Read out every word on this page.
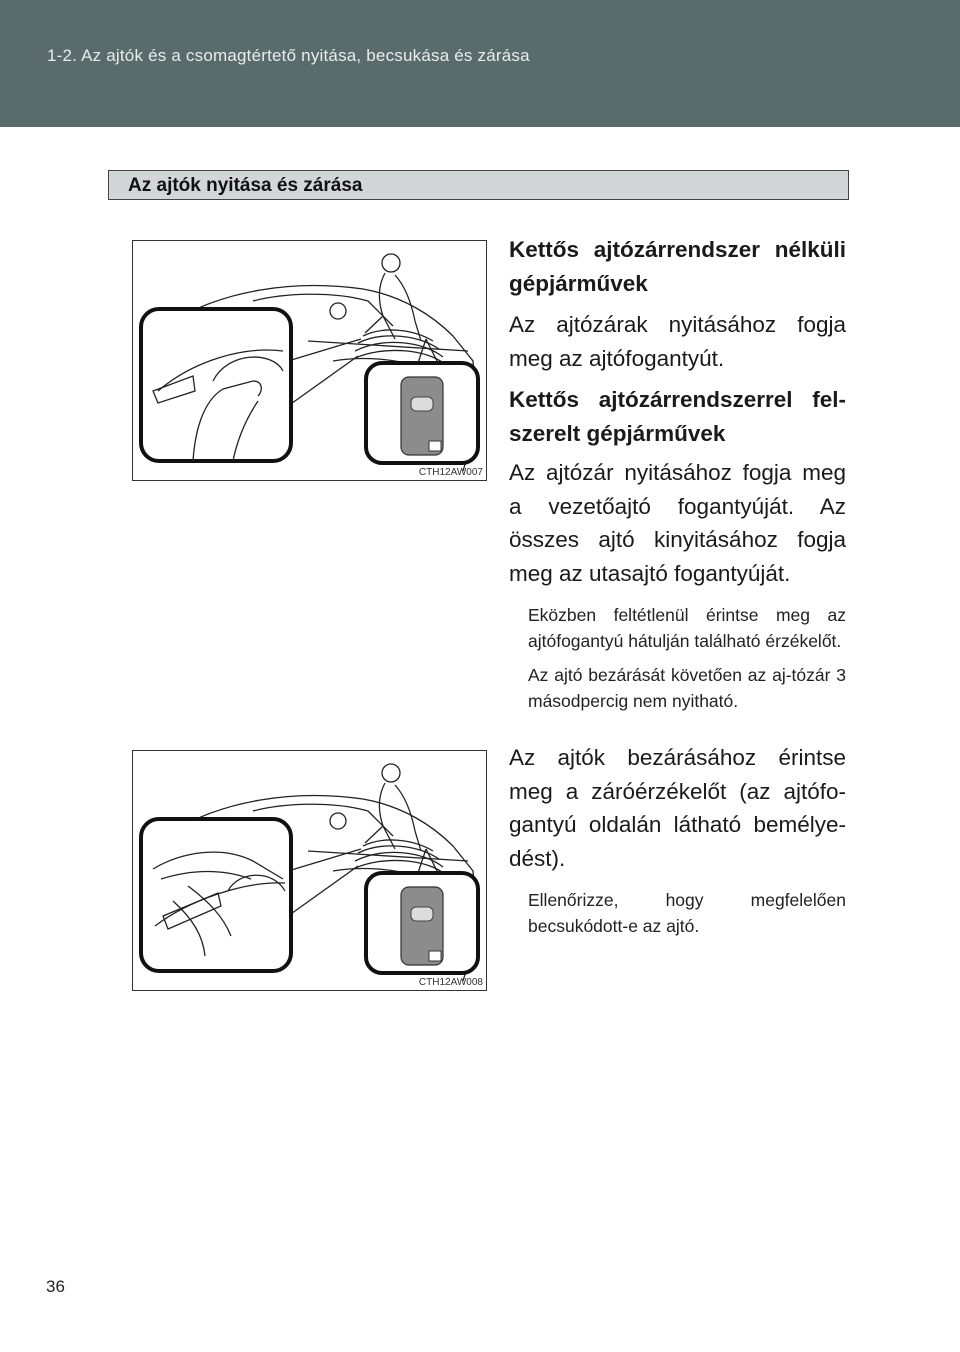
1-2. Az ajtók és a csomagtértető nyitása, becsukása és zárása
Az ajtók nyitása és zárása
CTH12AW007
CTH12AW008

Kettős ajtózárrendszer nélküli gépjárművek

Az ajtózárak nyitásához fogja meg az ajtófogantyút.

Kettős ajtózárrendszerrel fel-szerelt gépjárművek

Az ajtózár nyitásához fogja meg a vezetőajtó fogantyúját. Az összes ajtó kinyitásához fogja meg az utasajtó fogantyúját.

Eközben feltétlenül érintse meg az ajtófogantyú hátulján található érzékelőt.

Az ajtó bezárását követően az aj-tózár 3 másodpercig nem nyitható.

Az ajtók bezárásához érintse meg a záróérzékelőt (az ajtófo-gantyú oldalán látható bemélye-dést).

Ellenőrizze, hogy megfelelően becsukódott-e az ajtó.

36
